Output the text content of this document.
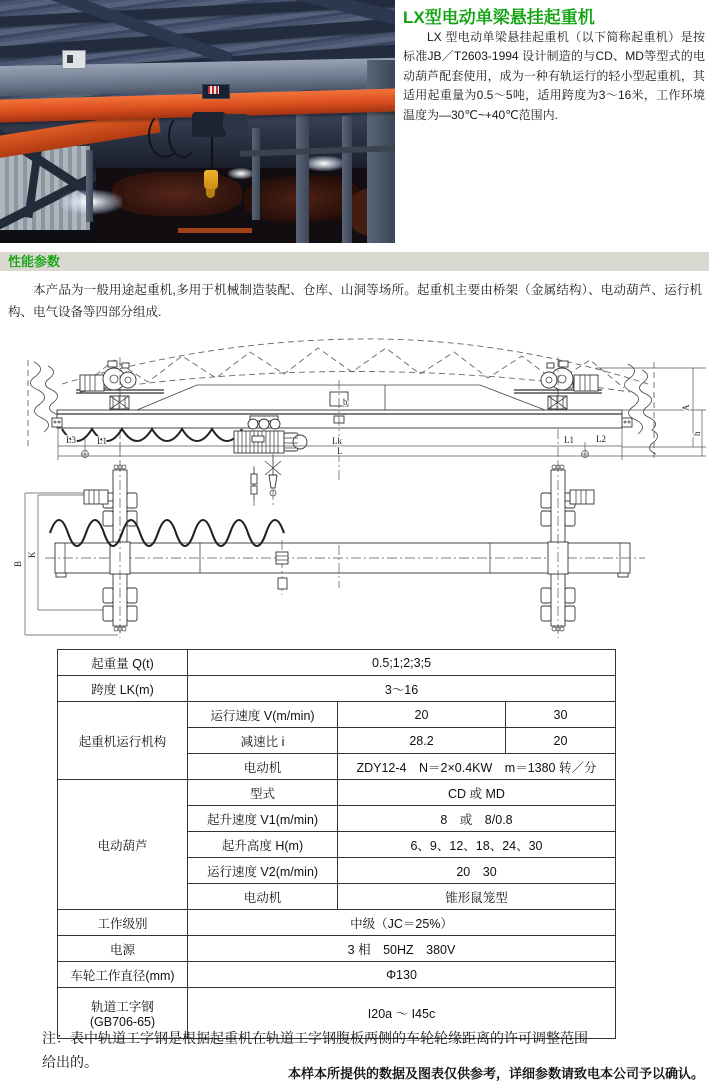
LX型电动单梁悬挂起重机
LX 型电动单梁悬挂起重机（以下简称起重机）是按标准JB／T2603-1994 设计制造的与CD、MD等型式的电动葫芦配套使用，成为一种有轨运行的轻小型起重机，其适用起重量为0.5～5吨，适用跨度为3～16米，工作环境温度为—30℃~+40℃范围内.
性能参数
本产品为一般用途起重机,多用于机械制造装配、仓库、山洞等场所。起重机主要由桥架（金属结构）、电动葫芦、运行机构、电气设备等四部分组成.
b
L3 L1	Lk
L
L1 L2
A
h
B
K
起重量 Q(t)	0.5;1;2;3;5		
跨度 LK(m)	3～16		
起重机运行机构	运行速度 V(m/min)	20	30
	减速比 i	28.2	20
	电动机	ZDY12-4　N＝2×0.4KW　m＝1380 转／分	
电动葫芦	型式	CD 或 MD	
	起升速度 V1(m/min)	8　或　8/0.8	
	起升高度 H(m)	6、9、12、18、24、30	
	运行速度 V2(m/min)	20　30	
	电动机	锥形鼠笼型	
工作级别	中级（JC＝25%）		
电源	3 相　50HZ　380V		
车轮工作直径(mm)	Φ130		

轨道工字钢
(GB706-65)	I20a ～ I45c		
注：表中轨道工字钢是根据起重机在轨道工字钢腹板两侧的车轮轮缘距离的许可调整范围给出的。
本样本所提供的数据及图表仅供参考，详细参数请致电本公司予以确认。
